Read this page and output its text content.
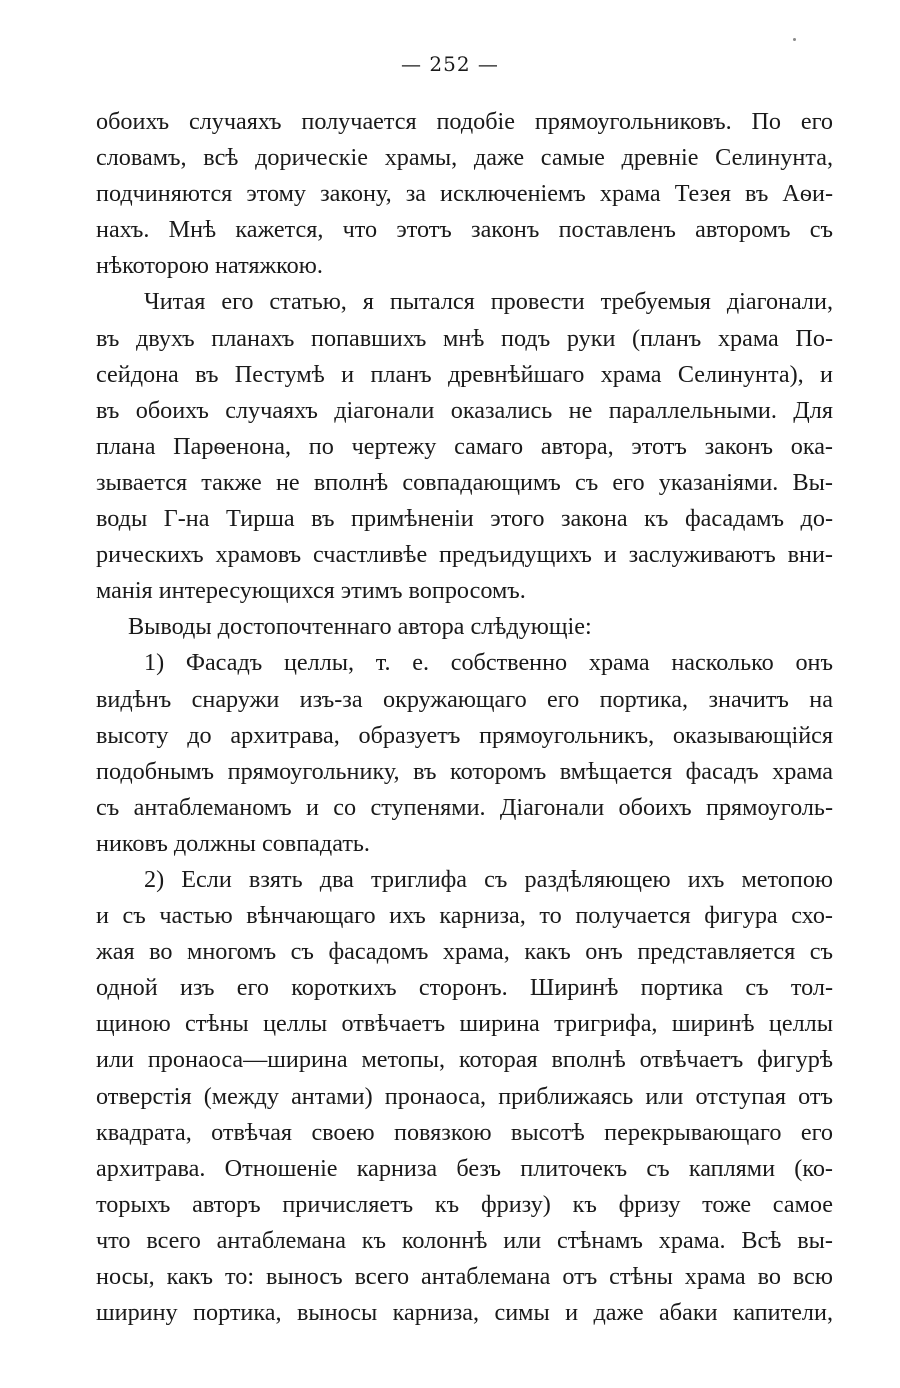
— 252 —
обоихъ случаяхъ получается подобіе прямоугольниковъ. По его
словамъ, всѣ дорическіе храмы, даже самые древніе Селинунта,
подчиняются этому закону, за исключеніемъ храма Тезея въ Аѳи-
нахъ. Мнѣ кажется, что этотъ законъ поставленъ авторомъ съ
нѣкоторою натяжкою.
Читая его статью, я пытался провести требуемыя діагонали,
въ двухъ планахъ попавшихъ мнѣ подъ руки (планъ храма По-
сейдона въ Пестумѣ и планъ древнѣйшаго храма Селинунта), и
въ обоихъ случаяхъ діагонали оказались не параллельными. Для
плана Парѳенона, по чертежу самаго автора, этотъ законъ ока-
зывается также не вполнѣ совпадающимъ съ его указаніями. Вы-
воды Г-на Тирша въ примѣненіи этого закона къ фасадамъ до-
рическихъ храмовъ счастливѣе предъидущихъ и заслуживаютъ вни-
манія интересующихся этимъ вопросомъ.
Выводы достопочтеннаго автора слѣдующіе:
1) Фасадъ целлы, т. е. собственно храма насколько онъ
видѣнъ снаружи изъ-за окружающаго его портика, значитъ на
высоту до архитрава, образуетъ прямоугольникъ, оказывающійся
подобнымъ прямоугольнику, въ которомъ вмѣщается фасадъ храма
съ антаблеманомъ и со ступенями. Діагонали обоихъ прямоуголь-
никовъ должны совпадать.
2) Если взять два триглифа съ раздѣляющею ихъ метопою
и съ частью вѣнчающаго ихъ карниза, то получается фигура схо-
жая во многомъ съ фасадомъ храма, какъ онъ представляется съ
одной изъ его короткихъ сторонъ. Ширинѣ портика съ тол-
щиною стѣны целлы отвѣчаетъ ширина тригрифа, ширинѣ целлы
или пронаоса—ширина метопы, которая вполнѣ отвѣчаетъ фигурѣ
отверстія (между антами) пронаоса, приближаясь или отступая отъ
квадрата, отвѣчая своею повязкою высотѣ перекрывающаго его
архитрава. Отношеніе карниза безъ плиточекъ съ каплями (ко-
торыхъ авторъ причисляетъ къ фризу) къ фризу тоже самое
что всего антаблемана къ колоннѣ или стѣнамъ храма. Всѣ вы-
носы, какъ то: выносъ всего антаблемана отъ стѣны храма во всю
ширину портика, выносы карниза, симы и даже абаки капители,
